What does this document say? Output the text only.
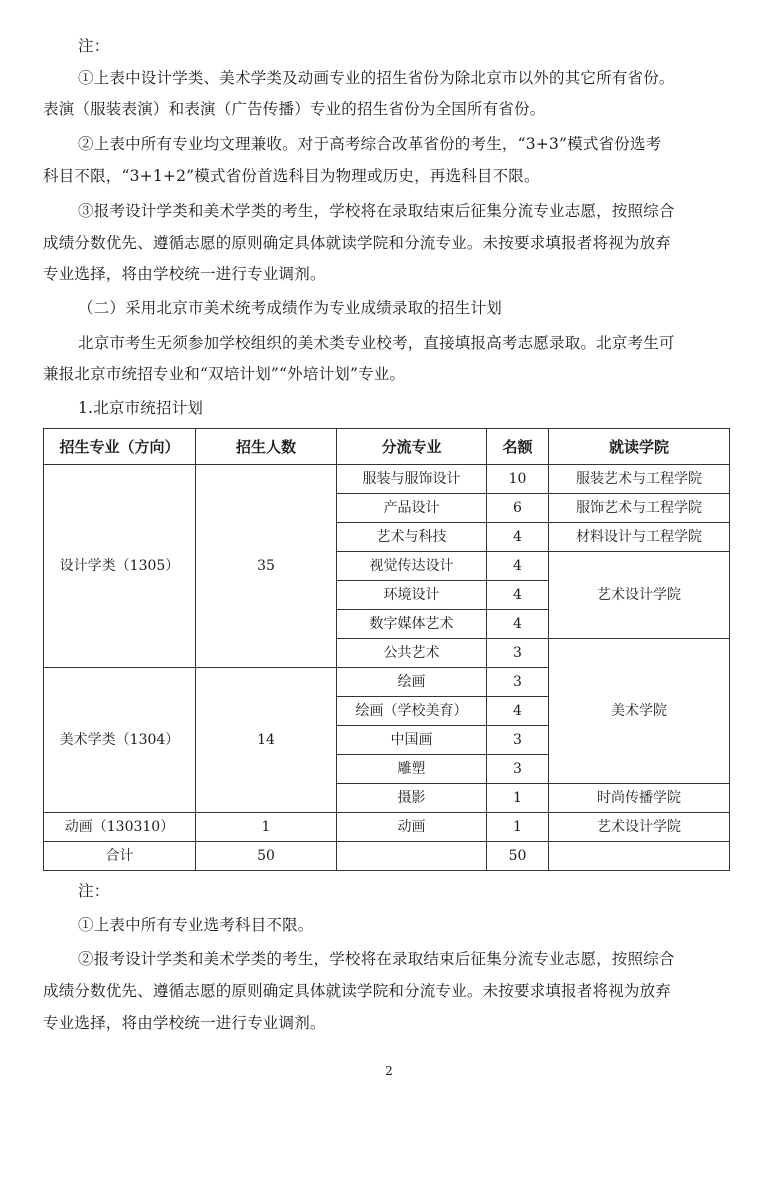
注：
①上表中设计学类、美术学类及动画专业的招生省份为除北京市以外的其它所有省份。
表演（服装表演）和表演（广告传播）专业的招生省份为全国所有省份。
②上表中所有专业均文理兼收。对于高考综合改革省份的考生，“3+3”模式省份选考
科目不限，“3+1+2”模式省份首选科目为物理或历史，再选科目不限。
③报考设计学类和美术学类的考生，学校将在录取结束后征集分流专业志愿，按照综合
成绩分数优先、遵循志愿的原则确定具体就读学院和分流专业。未按要求填报者将视为放弃
专业选择，将由学校统一进行专业调剂。
（二）采用北京市美术统考成绩作为专业成绩录取的招生计划
北京市考生无须参加学校组织的美术类专业校考，直接填报高考志愿录取。北京考生可
兼报北京市统招专业和“双培计划”“外培计划”专业。
1.北京市统招计划
招生专业（方向）	招生人数	分流专业	名额	就读学院
设计学类（1305）	35	服装与服饰设计	10	服装艺术与工程学院
		产品设计	6	服饰艺术与工程学院
		艺术与科技	4	材料设计与工程学院
		视觉传达设计	4	艺术设计学院
		环境设计	4	
		数字媒体艺术	4	
		公共艺术	3	美术学院
美术学类（1304）	14	绘画	3	
		绘画（学校美育）	4	
		中国画	3	
		雕塑	3	
		摄影	1	时尚传播学院
动画（130310）	1	动画	1	艺术设计学院
合计	50		50	
注：
①上表中所有专业选考科目不限。
②报考设计学类和美术学类的考生，学校将在录取结束后征集分流专业志愿，按照综合
成绩分数优先、遵循志愿的原则确定具体就读学院和分流专业。未按要求填报者将视为放弃
专业选择，将由学校统一进行专业调剂。
2
